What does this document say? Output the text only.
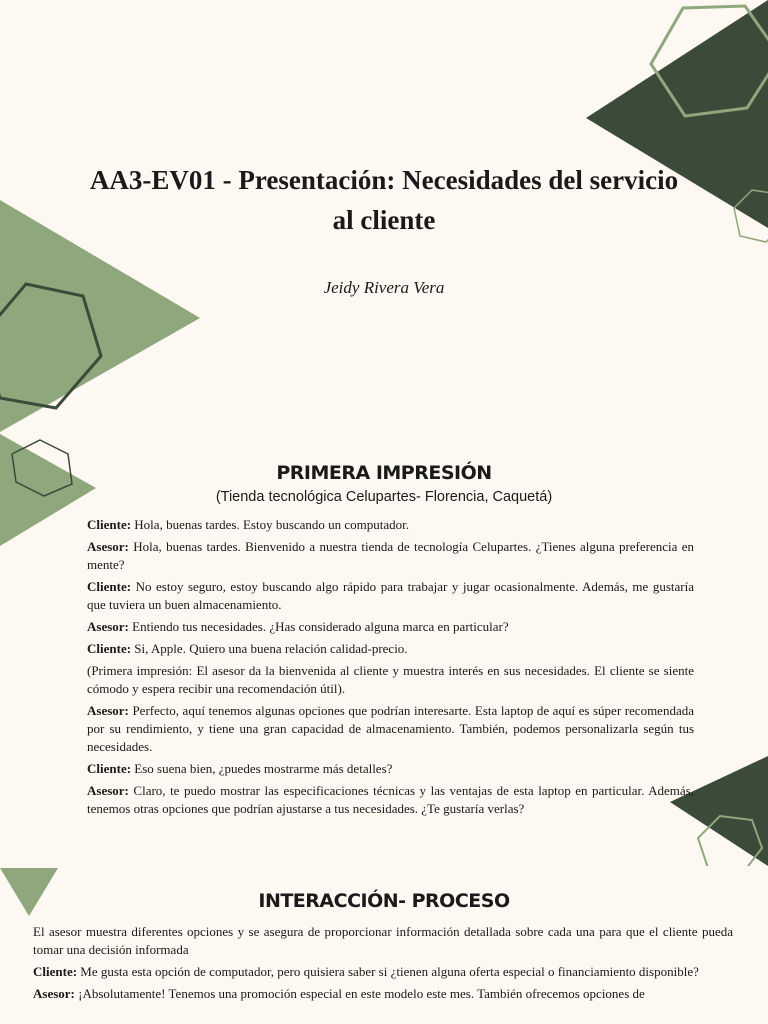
AA3-EV01 - Presentación: Necesidades del servicio al cliente
Jeidy Rivera Vera
PRIMERA IMPRESIÓN
(Tienda tecnológica Celupartes- Florencia, Caquetá)

Cliente: Hola, buenas tardes. Estoy buscando un computador.

Asesor: Hola, buenas tardes. Bienvenido a nuestra tienda de tecnología Celupartes. ¿Tienes alguna preferencia en mente?

Cliente: No estoy seguro, estoy buscando algo rápido para trabajar y jugar ocasionalmente. Además, me gustaría que tuviera un buen almacenamiento.

Asesor: Entiendo tus necesidades. ¿Has considerado alguna marca en particular?

Cliente: Si, Apple. Quiero una buena relación calidad-precio.

(Primera impresión: El asesor da la bienvenida al cliente y muestra interés en sus necesidades. El cliente se siente cómodo y espera recibir una recomendación útil).

Asesor: Perfecto, aquí tenemos algunas opciones que podrían interesarte. Esta laptop de aquí es súper recomendada por su rendimiento, y tiene una gran capacidad de almacenamiento. También, podemos personalizarla según tus necesidades.

Cliente: Eso suena bien, ¿puedes mostrarme más detalles?

Asesor: Claro, te puedo mostrar las especificaciones técnicas y las ventajas de esta laptop en particular. Además, tenemos otras opciones que podrían ajustarse a tus necesidades. ¿Te gustaría verlas?

INTERACCIÓN- PROCESO

El asesor muestra diferentes opciones y se asegura de proporcionar información detallada sobre cada una para que el cliente pueda tomar una decisión informada

Cliente: Me gusta esta opción de computador, pero quisiera saber si ¿tienen alguna oferta especial o financiamiento disponible?

Asesor: ¡Absolutamente! Tenemos una promoción especial en este modelo este mes. También ofrecemos opciones de
